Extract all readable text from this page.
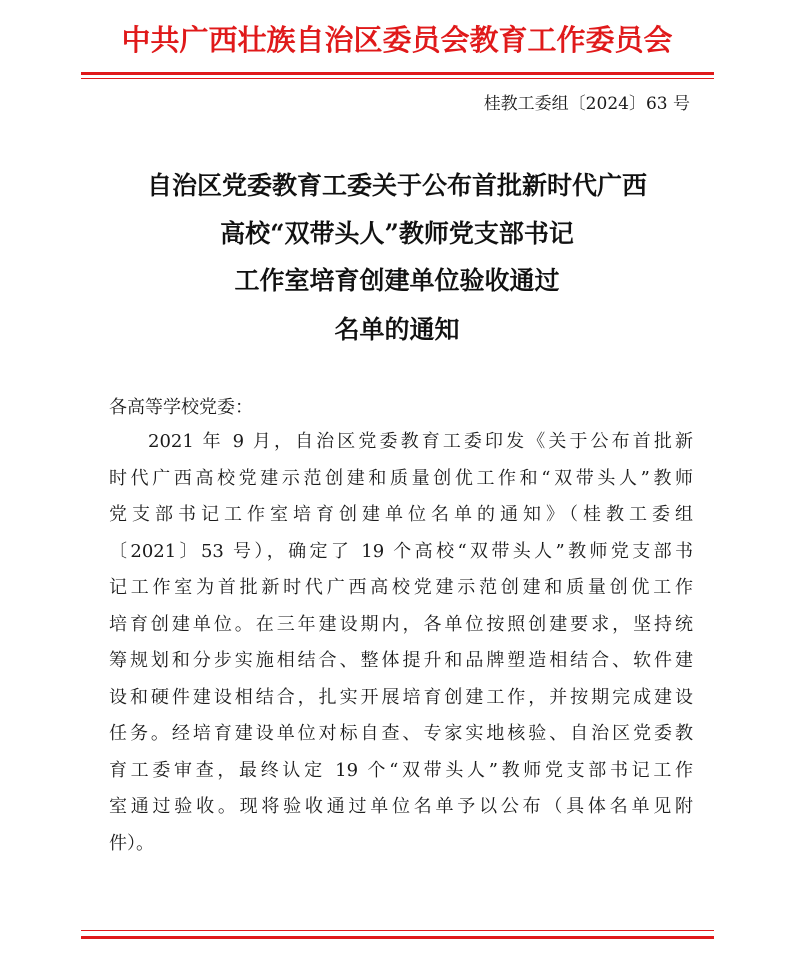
中共广西壮族自治区委员会教育工作委员会
桂教工委组〔2024〕63 号
自治区党委教育工委关于公布首批新时代广西
高校“双带头人”教师党支部书记
工作室培育创建单位验收通过
名单的通知
各高等学校党委：
2021 年 9 月，自治区党委教育工委印发《关于公布首批新
时代广西高校党建示范创建和质量创优工作和“双带头人”教师
党支部书记工作室培育创建单位名单的通知》（桂教工委组
〔2021〕53 号），确定了 19 个高校“双带头人”教师党支部书
记工作室为首批新时代广西高校党建示范创建和质量创优工作
培育创建单位。在三年建设期内，各单位按照创建要求，坚持统
筹规划和分步实施相结合、整体提升和品牌塑造相结合、软件建
设和硬件建设相结合，扎实开展培育创建工作，并按期完成建设
任务。经培育建设单位对标自查、专家实地核验、自治区党委教
育工委审查，最终认定 19 个“双带头人”教师党支部书记工作
室通过验收。现将验收通过单位名单予以公布（具体名单见附
件）。
